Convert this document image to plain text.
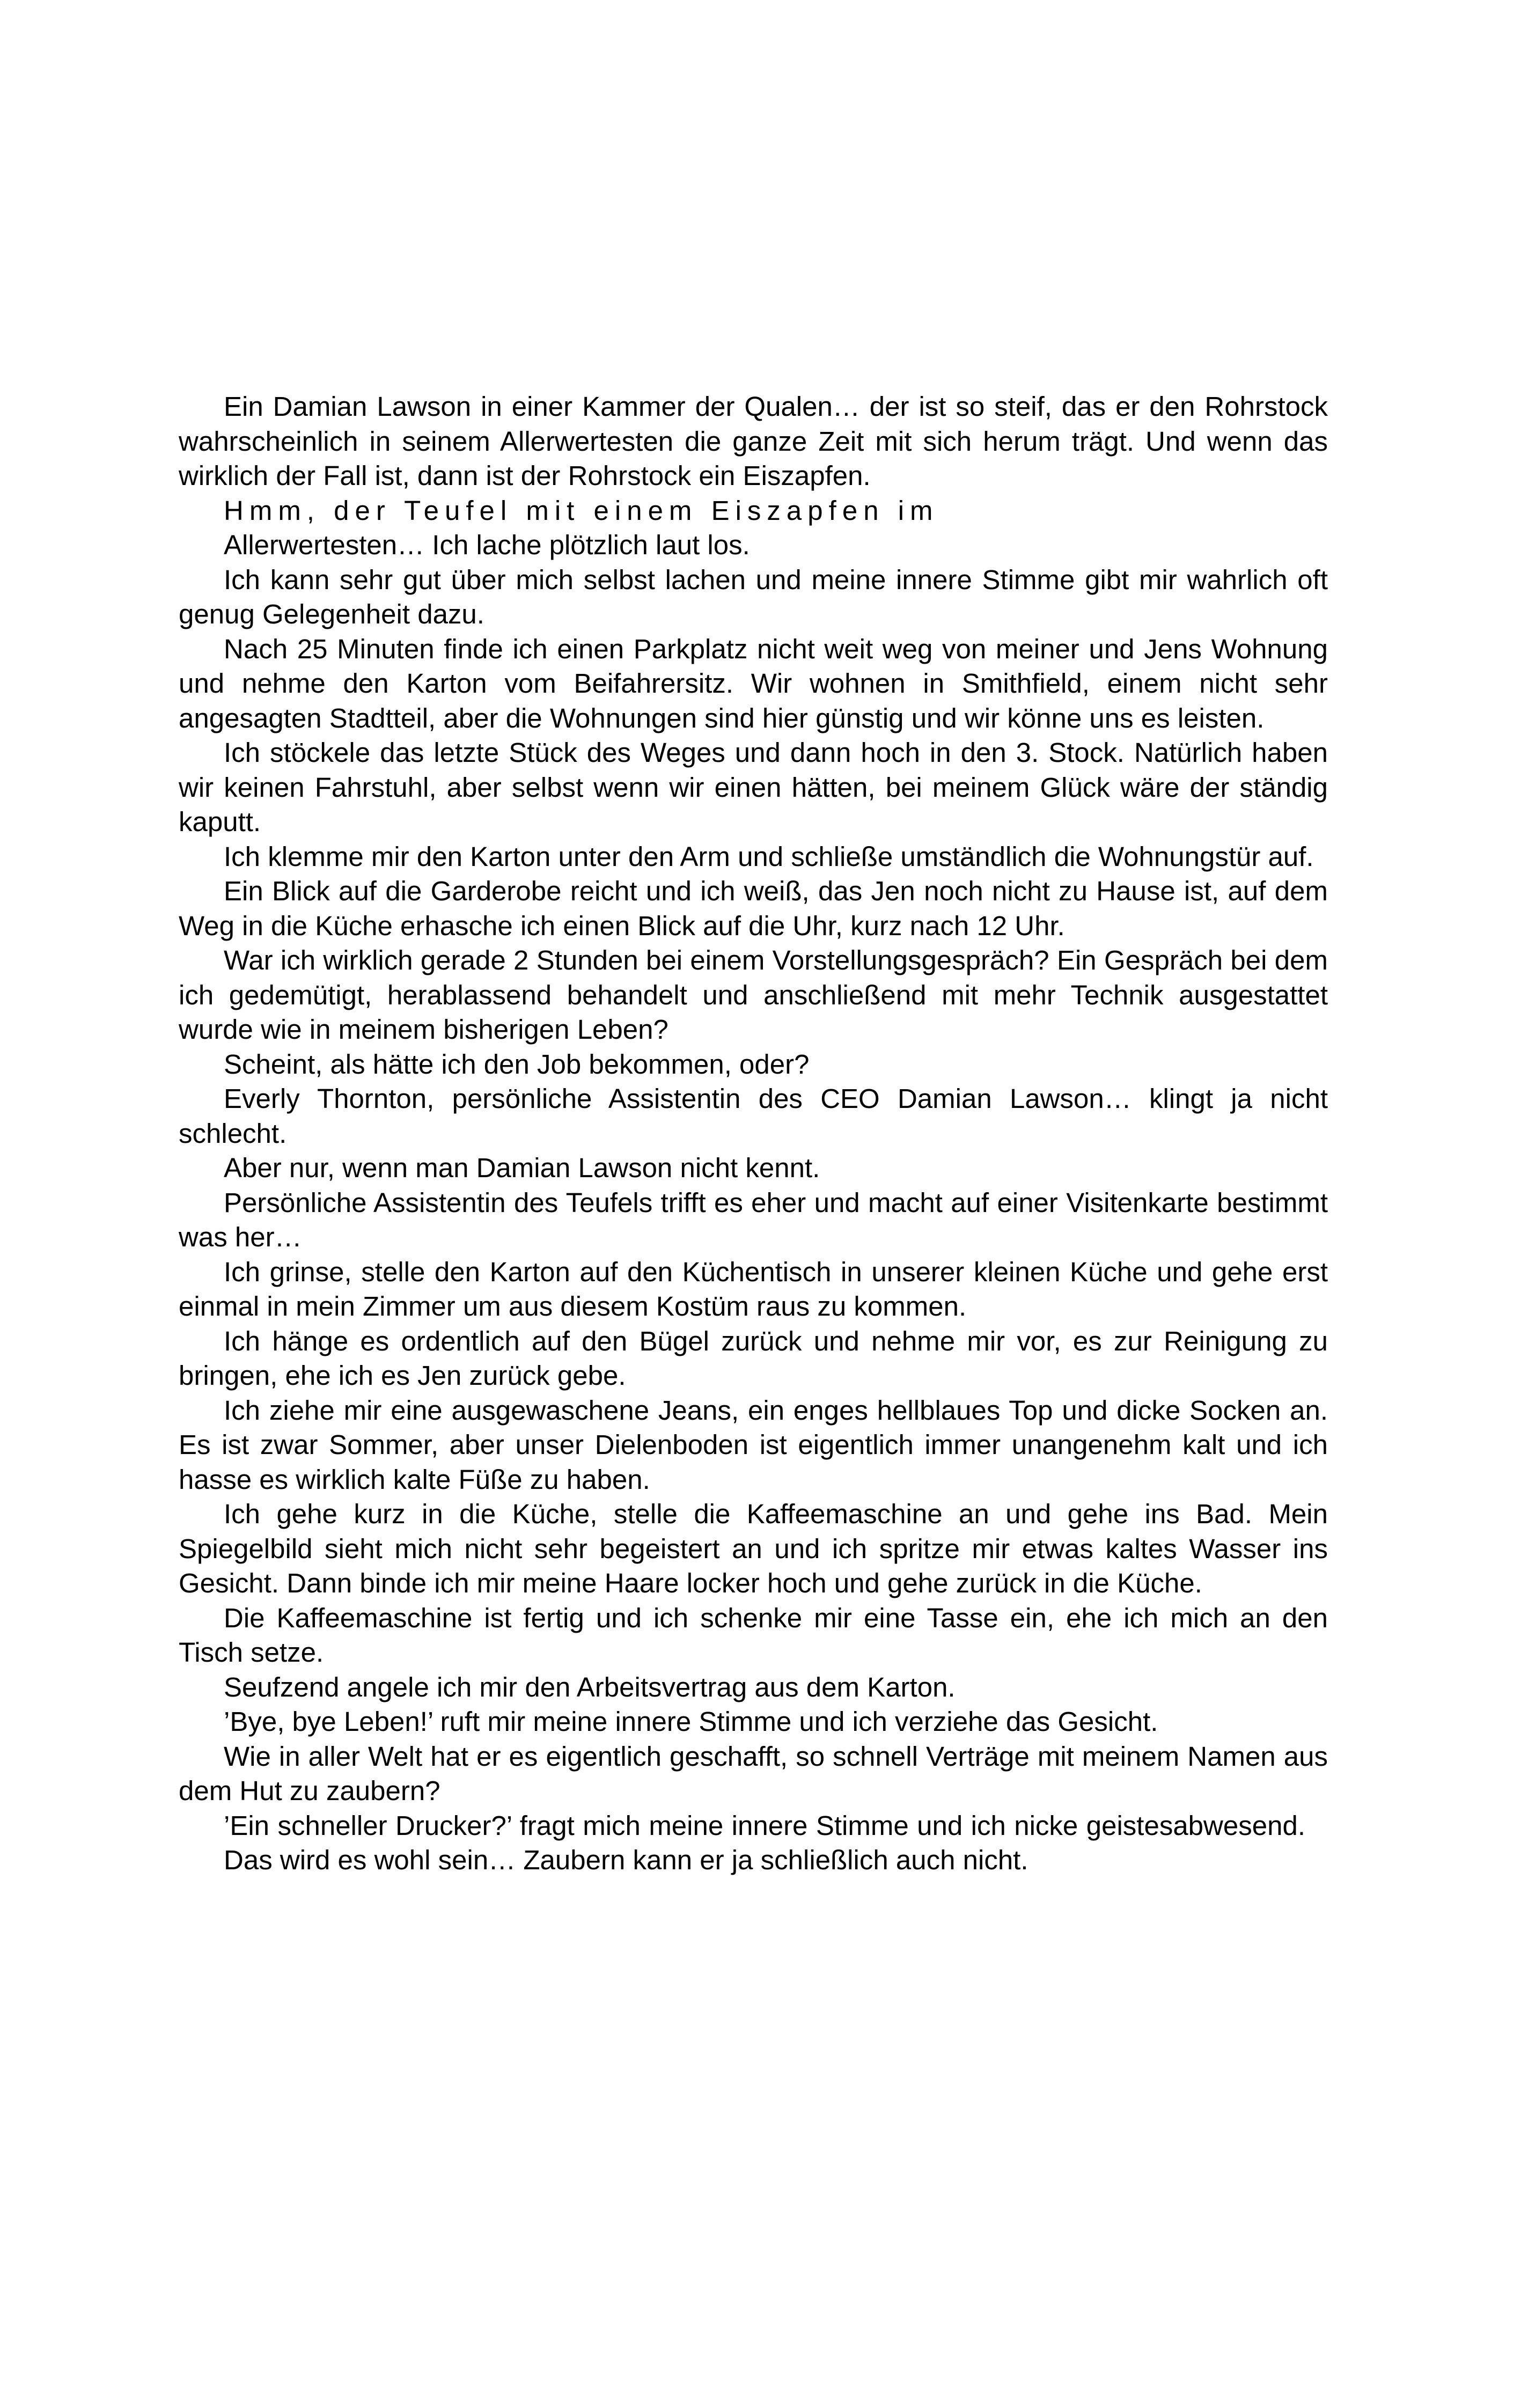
Ein Damian Lawson in einer Kammer der Qualen… der ist so steif, das er den Rohrstock wahrscheinlich in seinem Allerwertesten die ganze Zeit mit sich herum trägt. Und wenn das wirklich der Fall ist, dann ist der Rohrstock ein Eiszapfen.

Hmm, der Teufel mit einem Eiszapfen im

Allerwertesten… Ich lache plötzlich laut los.

Ich kann sehr gut über mich selbst lachen und meine innere Stimme gibt mir wahrlich oft genug Gelegenheit dazu.

Nach 25 Minuten finde ich einen Parkplatz nicht weit weg von meiner und Jens Wohnung und nehme den Karton vom Beifahrersitz. Wir wohnen in Smithfield, einem nicht sehr angesagten Stadtteil, aber die Wohnungen sind hier günstig und wir könne uns es leisten.

Ich stöckele das letzte Stück des Weges und dann hoch in den 3. Stock. Natürlich haben wir keinen Fahrstuhl, aber selbst wenn wir einen hätten, bei meinem Glück wäre der ständig kaputt.

Ich klemme mir den Karton unter den Arm und schließe umständlich die Wohnungstür auf.

Ein Blick auf die Garderobe reicht und ich weiß, das Jen noch nicht zu Hause ist, auf dem Weg in die Küche erhasche ich einen Blick auf die Uhr, kurz nach 12 Uhr.

War ich wirklich gerade 2 Stunden bei einem Vorstellungsgespräch? Ein Gespräch bei dem ich gedemütigt, herablassend behandelt und anschließend mit mehr Technik ausgestattet wurde wie in meinem bisherigen Leben?

Scheint, als hätte ich den Job bekommen, oder?

Everly Thornton, persönliche Assistentin des CEO Damian Lawson… klingt ja nicht schlecht.

Aber nur, wenn man Damian Lawson nicht kennt.

Persönliche Assistentin des Teufels trifft es eher und macht auf einer Visitenkarte bestimmt was her…

Ich grinse, stelle den Karton auf den Küchentisch in unserer kleinen Küche und gehe erst einmal in mein Zimmer um aus diesem Kostüm raus zu kommen.

Ich hänge es ordentlich auf den Bügel zurück und nehme mir vor, es zur Reinigung zu bringen, ehe ich es Jen zurück gebe.

Ich ziehe mir eine ausgewaschene Jeans, ein enges hellblaues Top und dicke Socken an. Es ist zwar Sommer, aber unser Dielenboden ist eigentlich immer unangenehm kalt und ich hasse es wirklich kalte Füße zu haben.

Ich gehe kurz in die Küche, stelle die Kaffeemaschine an und gehe ins Bad. Mein Spiegelbild sieht mich nicht sehr begeistert an und ich spritze mir etwas kaltes Wasser ins Gesicht. Dann binde ich mir meine Haare locker hoch und gehe zurück in die Küche.

Die Kaffeemaschine ist fertig und ich schenke mir eine Tasse ein, ehe ich mich an den Tisch setze.

Seufzend angele ich mir den Arbeitsvertrag aus dem Karton.

’Bye, bye Leben!’ ruft mir meine innere Stimme und ich verziehe das Gesicht.

Wie in aller Welt hat er es eigentlich geschafft, so schnell Verträge mit meinem Namen aus dem Hut zu zaubern?

’Ein schneller Drucker?’ fragt mich meine innere Stimme und ich nicke geistesabwesend. Das wird es wohl sein… Zaubern kann er ja schließlich auch nicht.
